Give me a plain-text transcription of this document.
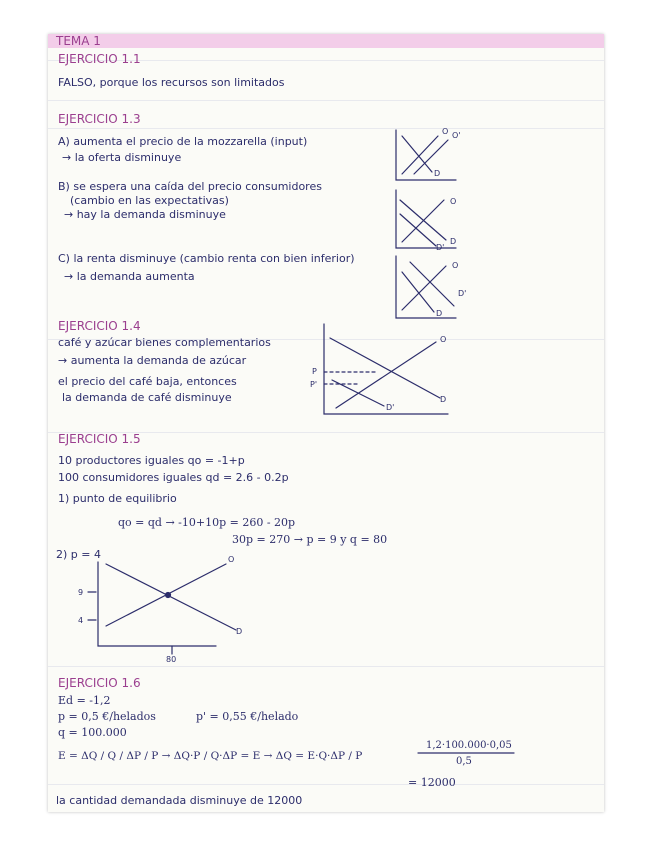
TEMA 1
EJERCICIO 1.1
FALSO, porque los recursos son limitados
EJERCICIO 1.3
A) aumenta el precio de la mozzarella (input)
→ la oferta disminuye
B) se espera una caída del precio consumidores
(cambio en las expectativas)
→ hay la demanda disminuye
C) la renta disminuye (cambio renta con bien inferior)
→ la demanda aumenta
EJERCICIO 1.4
café y azúcar bienes complementarios
→ aumenta la demanda de azúcar
el precio del café baja, entonces
la demanda de café disminuye
EJERCICIO 1.5
10 productores iguales qo = -1+p
100 consumidores iguales qd = 2.6 - 0.2p
1) punto de equilibrio
qo = qd → -10+10p = 260 - 20p
30p = 270 → p = 9 y q = 80
2) p = 4
EJERCICIO 1.6
Ed = -1,2
p = 0,5 €/helados	p' = 0,55 €/helado
q = 100.000
E = ΔQ / Q / ΔP / P → ΔQ·P / Q·ΔP = E → ΔQ = E·Q·ΔP / P
1,2·100.000·0,05
0,5
= 12000
la cantidad demandada disminuye de 12000
O O'
D
O
D
D'
O
D'
D
O
D
D'
P
P'
O
D
9
4
80
